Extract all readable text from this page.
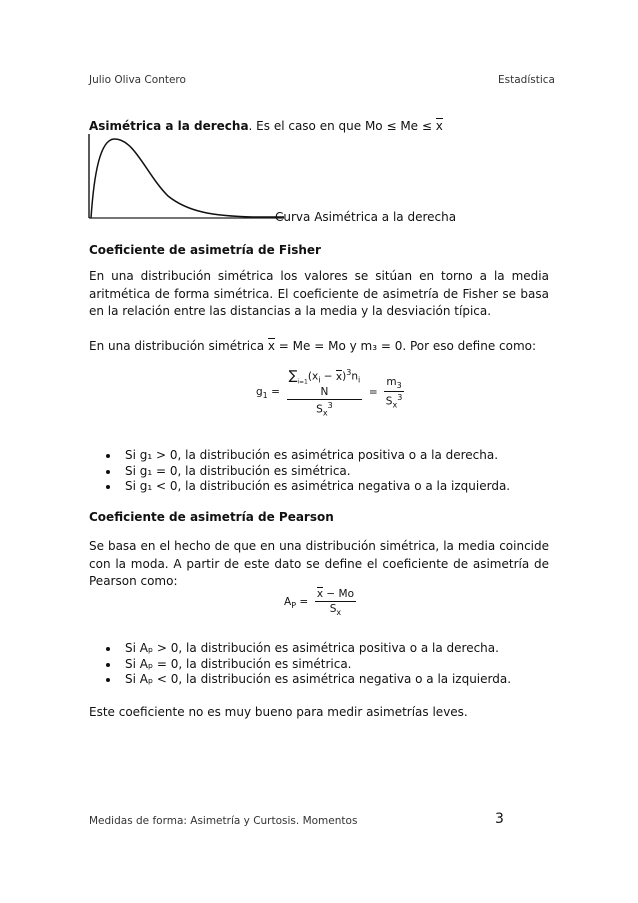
Julio Oliva Contero	Estadística
Asimétrica a la derecha. Es el caso en que Mo ≤ Me ≤ x
Curva Asimétrica a la derecha
Coeficiente de asimetría de Fisher
En una distribución simétrica los valores se sitúan en torno a la media aritmética de forma simétrica. El coeficiente de asimetría de Fisher se basa en la relación entre las distancias a la media y la desviación típica.
En una distribución simétrica x = Me = Mo y m₃ = 0. Por eso define como:
$g_1$ =
$\sum_{i=1}(x_i - x)^3n_i$
N
$S_x^3$
= $\frac{m_3}{S_x^3}$
• Si g₁ > 0, la distribución es asimétrica positiva o a la derecha.
• Si g₁ = 0, la distribución es simétrica.
• Si g₁ < 0, la distribución es asimétrica negativa o a la izquierda.
Coeficiente de asimetría de Pearson
Se basa en el hecho de que en una distribución simétrica, la media coincide con la moda. A partir de este dato se define el coeficiente de asimetría de Pearson como:
$A_P = \frac{x - Mo}{S_x}$
• Si Aₚ > 0, la distribución es asimétrica positiva o a la derecha.
• Si Aₚ = 0, la distribución es simétrica.
• Si Aₚ < 0, la distribución es asimétrica negativa o a la izquierda.
Este coeficiente no es muy bueno para medir asimetrías leves.
Medidas de forma: Asimetría y Curtosis. Momentos	3
